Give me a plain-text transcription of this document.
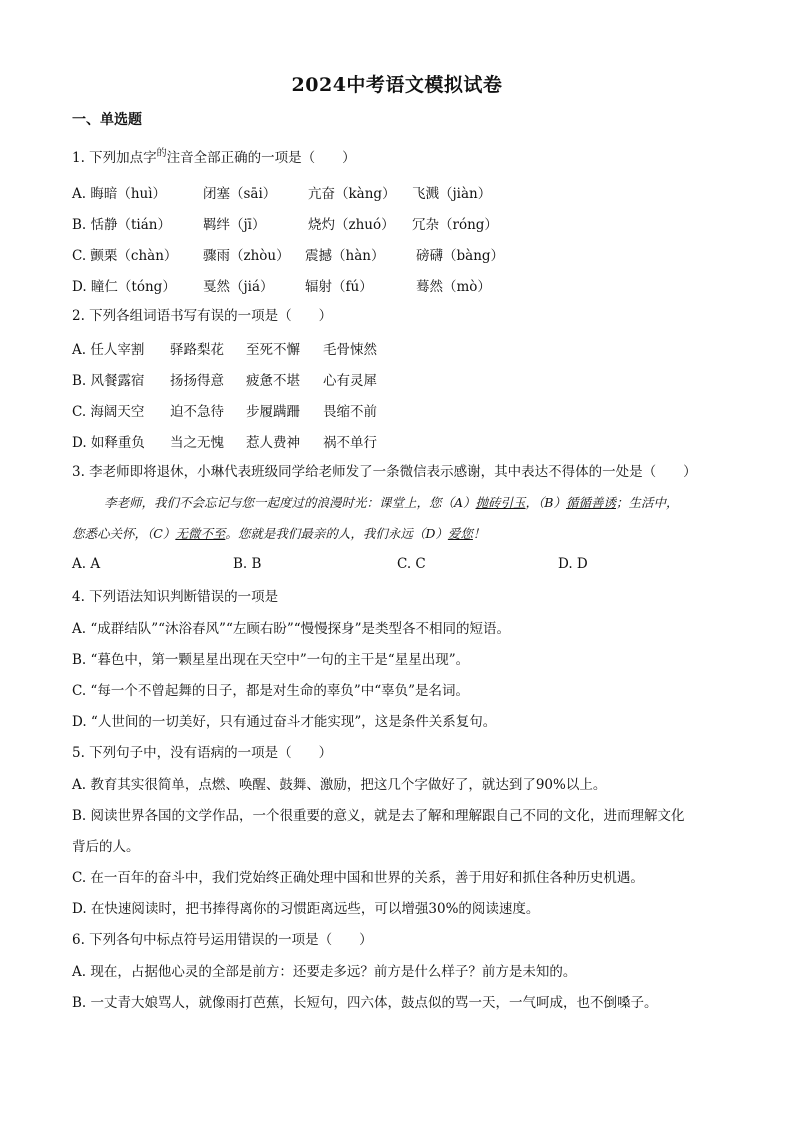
2024中考语文模拟试卷
一、单选题
1. 下列加点字$^的$注音全部正确的一项是（　　）
A. 晦暗（huì）	闭塞（sāi） 亢奋（kàng） 飞溅（jiàn）
B. 恬静（tián） 羁绊（jī）	烧灼（zhuó） 冗杂（róng）
C. 颤栗（chàn） 骤雨（zhòu） 震撼（hàn） 磅礴（bàng）
D. 瞳仁（tóng） 戛然（jiá） 辐射（fú）	蓦然（mò）
2. 下列各组词语书写有误的一项是（　　）
A. 任人宰割 驿路梨花 至死不懈 毛骨悚然
B. 风餐露宿 扬扬得意 疲惫不堪 心有灵犀
C. 海阔天空 迫不急待 步履蹒跚 畏缩不前
D. 如释重负 当之无愧 惹人费神 祸不单行
3. 李老师即将退休，小琳代表班级同学给老师发了一条微信表示感谢，其中表达不得体的一处是（　　）
李老师，我们不会忘记与您一起度过的浪漫时光：课堂上，您（A）抛砖引玉，（B）循循善诱；生活中，
您悉心关怀，（C）无微不至。您就是我们最亲的人，我们永远（D）爱您！
A. A	B. B	C. C	D. D
4. 下列语法知识判断错误的一项是
A. “成群结队”“沐浴春风”“左顾右盼”“慢慢探身”是类型各不相同的短语。
B. “暮色中，第一颗星星出现在天空中”一句的主干是“星星出现”。
C. “每一个不曾起舞的日子，都是对生命的辜负”中“辜负”是名词。
D. “人世间的一切美好，只有通过奋斗才能实现”，这是条件关系复句。
5. 下列句子中，没有语病的一项是（　　）
A. 教育其实很简单，点燃、唤醒、鼓舞、激励，把这几个字做好了，就达到了90%以上。
B. 阅读世界各国的文学作品，一个很重要的意义，就是去了解和理解跟自己不同的文化，进而理解文化
背后的人。
C. 在一百年的奋斗中，我们党始终正确处理中国和世界的关系，善于用好和抓住各种历史机遇。
D. 在快速阅读时，把书捧得离你的习惯距离远些，可以增强30%的阅读速度。
6. 下列各句中标点符号运用错误的一项是（　　）
A. 现在，占据他心灵的全部是前方：还要走多远？前方是什么样子？前方是未知的。
B. 一丈青大娘骂人，就像雨打芭蕉，长短句，四六体，鼓点似的骂一天，一气呵成，也不倒嗓子。
